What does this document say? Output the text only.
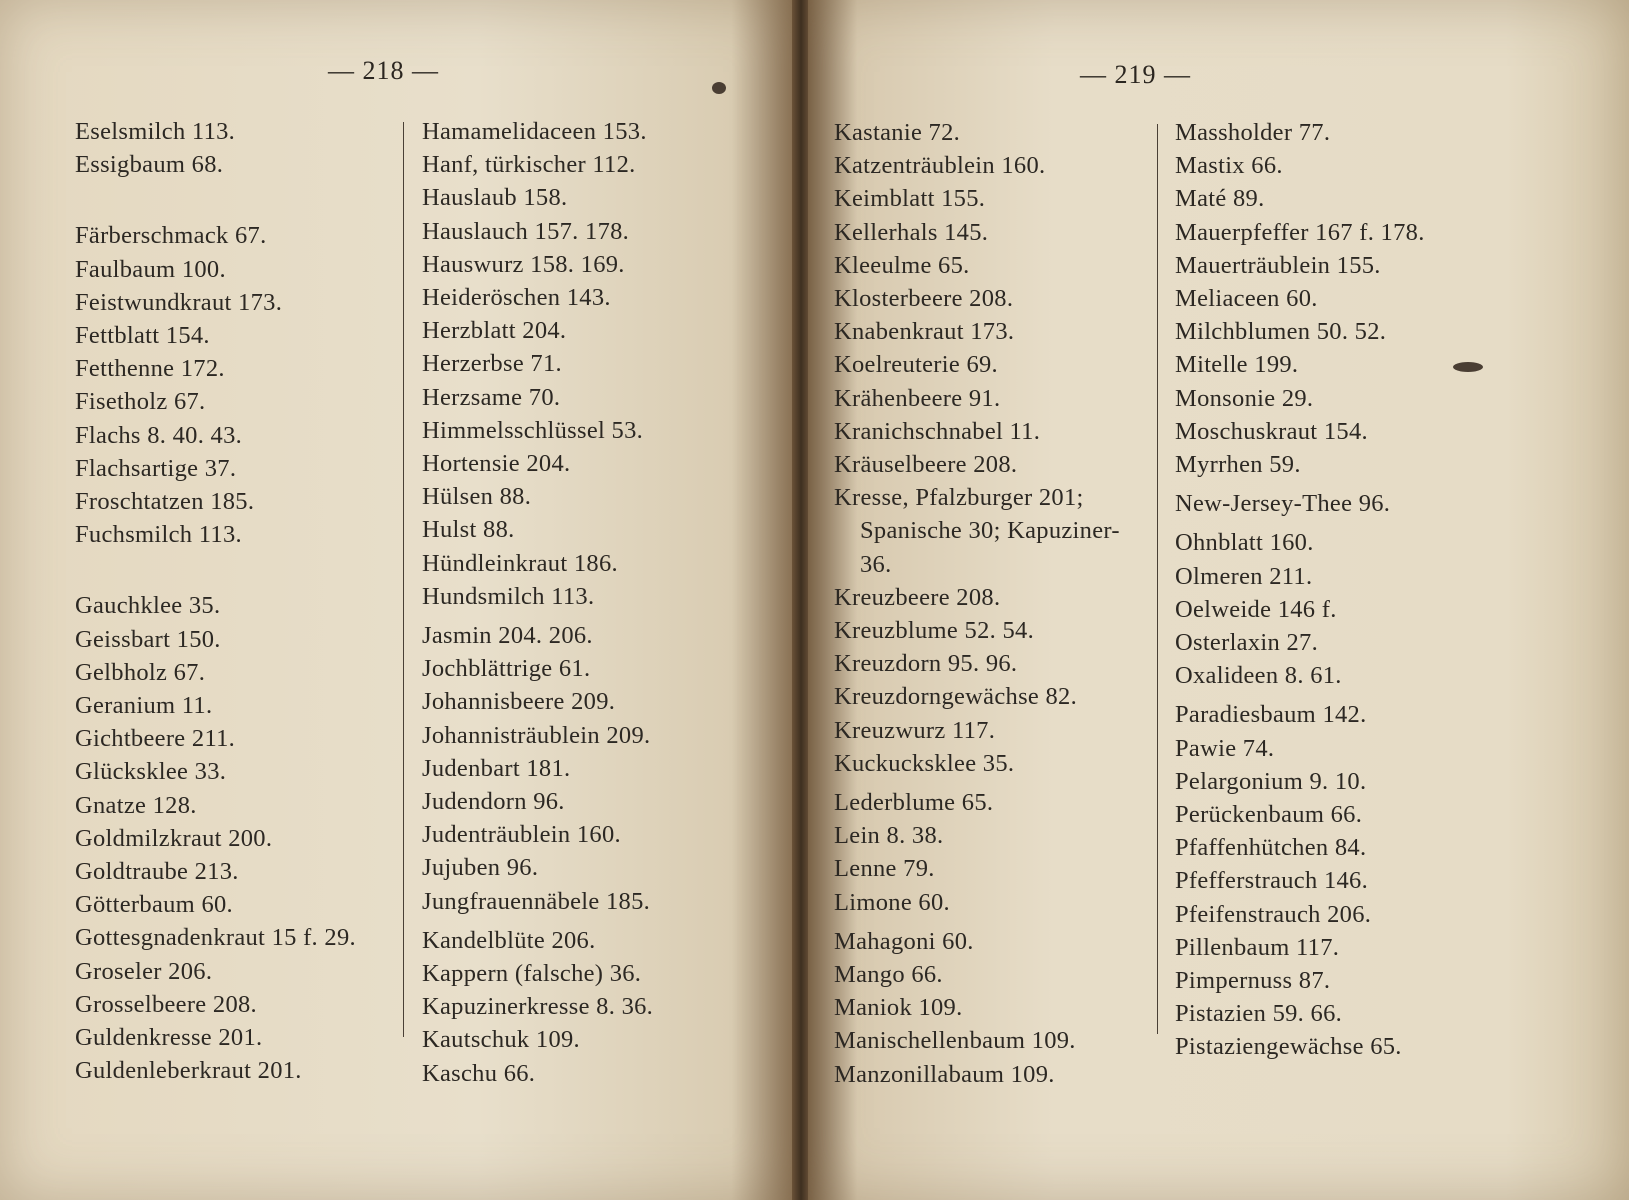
— 218 —
Eselsmilch 113.
Essigbaum 68.
Färberschmack 67.
Faulbaum 100.
Feistwundkraut 173.
Fettblatt 154.
Fetthenne 172.
Fisetholz 67.
Flachs 8. 40. 43.
Flachsartige 37.
Froschtatzen 185.
Fuchsmilch 113.
Gauchklee 35.
Geissbart 150.
Gelbholz 67.
Geranium 11.
Gichtbeere 211.
Glücksklee 33.
Gnatze 128.
Goldmilzkraut 200.
Goldtraube 213.
Götterbaum 60.
Gottesgnadenkraut 15 f. 29.
Groseler 206.
Grosselbeere 208.
Guldenkresse 201.
Guldenleberkraut 201.
Hamamelidaceen 153.
Hanf, türkischer 112.
Hauslaub 158.
Hauslauch 157. 178.
Hauswurz 158. 169.
Heideröschen 143.
Herzblatt 204.
Herzerbse 71.
Herzsame 70.
Himmelsschlüssel 53.
Hortensie 204.
Hülsen 88.
Hulst 88.
Hündleinkraut 186.
Hundsmilch 113.
Jasmin 204. 206.
Jochblättrige 61.
Johannisbeere 209.
Johannisträublein 209.
Judenbart 181.
Judendorn 96.
Judenträublein 160.
Jujuben 96.
Jungfrauennäbele 185.
Kandelblüte 206.
Kappern (falsche) 36.
Kapuzinerkresse 8. 36.
Kautschuk 109.
Kaschu 66.
— 219 —
Kastanie 72.
Katzenträublein 160.
Keimblatt 155.
Kellerhals 145.
Kleeulme 65.
Klosterbeere 208.
Knabenkraut 173.
Koelreuterie 69.
Krähenbeere 91.
Kranichschnabel 11.
Kräuselbeere 208.
Kresse, Pfalzburger 201;
Spanische 30; Kapuziner-
36.
Kreuzbeere 208.
Kreuzblume 52. 54.
Kreuzdorn 95. 96.
Kreuzdorngewächse 82.
Kreuzwurz 117.
Kuckucksklee 35.
Lederblume 65.
Lein 8. 38.
Lenne 79.
Limone 60.
Mahagoni 60.
Mango 66.
Maniok 109.
Manischellenbaum 109.
Manzonillabaum 109.
Massholder 77.
Mastix 66.
Maté 89.
Mauerpfeffer 167 f. 178.
Mauerträublein 155.
Meliaceen 60.
Milchblumen 50. 52.
Mitelle 199.
Monsonie 29.
Moschuskraut 154.
Myrrhen 59.
New-Jersey-Thee 96.
Ohnblatt 160.
Olmeren 211.
Oelweide 146 f.
Osterlaxin 27.
Oxalideen 8. 61.
Paradiesbaum 142.
Pawie 74.
Pelargonium 9. 10.
Perückenbaum 66.
Pfaffenhütchen 84.
Pfefferstrauch 146.
Pfeifenstrauch 206.
Pillenbaum 117.
Pimpernuss 87.
Pistazien 59. 66.
Pistaziengewächse 65.
